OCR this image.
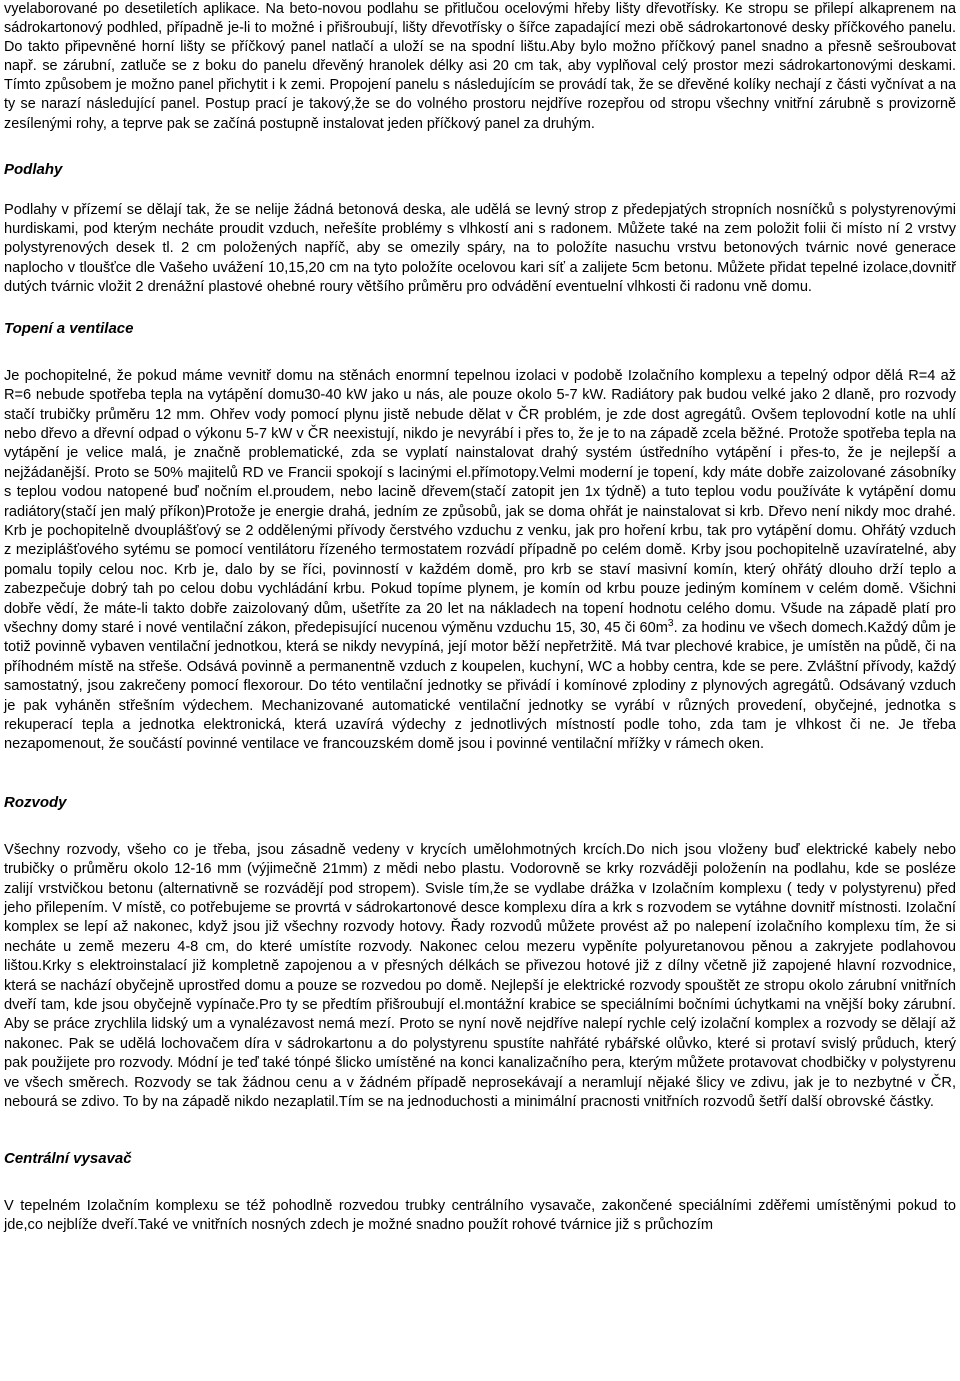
vyelaborované po desetiletích aplikace. Na beto-novou podlahu se přitlučou ocelovými hřeby lišty dřevotřísky. Ke stropu se přilepí alkaprenem na sádrokartonový podhled, případně je-li to možné i přišroubují, lišty dřevotřísky o šířce zapadající mezi obě sádrokartonové desky příčkového panelu. Do takto připevněné horní lišty se příčkový panel natlačí a uloží se na spodní lištu.Aby bylo možno příčkový panel snadno a přesně sešroubovat např. se zárubní, zatluče se z boku do panelu dřevěný hranolek délky asi 20 cm tak, aby vyplňoval celý prostor mezi sádrokartonovými deskami. Tímto způsobem je možno panel přichytit i k zemi. Propojení panelu s následujícím se provádí tak, že se dřevěné kolíky nechají z části vyčnívat a na ty se narazí následující panel. Postup prací je takový,že se do volného prostoru nejdříve rozepřou od stropu všechny vnitřní zárubně s provizorně zesílenými rohy, a teprve pak se začíná postupně instalovat jeden příčkový panel za druhým.

Podlahy

Podlahy v přízemí se dělají tak, že se nelije žádná betonová deska, ale udělá se levný strop z předepjatých stropních nosníčků s polystyrenovými hurdiskami, pod kterým necháte proudit vzduch, neřešíte problémy s vlhkostí ani s radonem. Můžete také na zem položit folii či místo ní 2 vrstvy polystyrenových desek tl. 2 cm položených napříč, aby se omezily spáry, na to položíte nasuchu vrstvu betonových tvárnic nové generace naplocho v tloušťce dle Vašeho uvážení 10,15,20 cm na tyto položíte ocelovou kari síť a zalijete 5cm betonu. Můžete přidat tepelné izolace,dovnitř dutých tvárnic vložit 2 drenážní plastové ohebné roury většího průměru pro odvádění eventuelní vlhkosti či radonu vně domu.

Topení a ventilace

Je pochopitelné, že pokud máme vevnitř domu na stěnách enormní tepelnou izolaci v podobě Izolačního komplexu a tepelný odpor dělá R=4 až R=6 nebude spotřeba tepla na vytápění domu30-40 kW jako u nás, ale pouze okolo 5-7 kW. Radiátory pak budou velké jako 2 dlaně, pro rozvody stačí trubičky průměru 12 mm. Ohřev vody pomocí plynu jistě nebude dělat v ČR problém, je zde dost agregátů. Ovšem teplovodní kotle na uhlí nebo dřevo a dřevní odpad o výkonu 5-7 kW v ČR neexistují, nikdo je nevyrábí i přes to, že je to na západě zcela běžné. Protože spotřeba tepla na vytápění je velice malá, je značně problematické, zda se vyplatí nainstalovat drahý systém ústředního vytápění i přes-to, že je nejlepší a nejžádanější. Proto se 50% majitelů RD ve Francii spokojí s lacinými el.přímotopy.Velmi moderní je topení, kdy máte dobře zaizolované zásobníky s teplou vodou natopené buď nočním el.proudem, nebo lacině dřevem(stačí zatopit jen 1x týdně) a tuto teplou vodu používáte k vytápění domu radiátory(stačí jen malý příkon)Protože je energie drahá, jedním ze způsobů, jak se doma ohřát je nainstalovat si krb. Dřevo není nikdy moc drahé. Krb je pochopitelně dvouplášťový se 2 oddělenými přívody čerstvého vzduchu z venku, jak pro hoření krbu, tak pro vytápění domu. Ohřátý vzduch z meziplášťového sytému se pomocí ventilátoru řízeného termostatem rozvádí případně po celém domě. Krby jsou pochopitelně uzavíratelné, aby pomalu topily celou noc. Krb je, dalo by se říci, povinností v každém domě, pro krb se staví masivní komín, který ohřátý dlouho drží teplo a zabezpečuje dobrý tah po celou dobu vychládání krbu. Pokud topíme plynem, je komín od krbu pouze jediným komínem v celém domě. Všichni dobře vědí, že máte-li takto dobře zaizolovaný dům, ušetříte za 20 let na nákladech na topení hodnotu celého domu. Všude na západě platí pro všechny domy staré i nové ventilační zákon, předepisující nucenou výměnu vzduchu 15, 30, 45 či $60m^3$. za hodinu ve všech domech.Každý dům je totiž povinně vybaven ventilační jednotkou, která se nikdy nevypíná, její motor běží nepřetržitě. Má tvar plechové krabice, je umístěn na půdě, či na příhodném místě na střeše. Odsává povinně a permanentně vzduch z koupelen, kuchyní, WC a hobby centra, kde se pere. Zvláštní přívody, každý samostatný, jsou zakrečeny pomocí flexorour. Do této ventilační jednotky se přivádí i komínové zplodiny z plynových agregátů. Odsávaný vzduch je pak vyháněn střešním výdechem. Mechanizované automatické ventilační jednotky se vyrábí v různých provedení, obyčejné, jednotka s rekuperací tepla a jednotka elektronická, která uzavírá výdechy z jednotlivých místností podle toho, zda tam je vlhkost či ne. Je třeba nezapomenout, že součástí povinné ventilace ve francouzském domě jsou i povinné ventilační mřížky v rámech oken.

Rozvody

Všechny rozvody, všeho co je třeba, jsou zásadně vedeny v krycích umělohmotných krcích.Do nich jsou vloženy buď elektrické kabely nebo trubičky o průměru okolo 12-16 mm (výjimečně 21mm) z mědi nebo plastu. Vodorovně se krky rozváději položenín na podlahu, kde se posléze zalijí vrstvičkou betonu (alternativně se rozvádějí pod stropem). Svisle tím,že se vydlabe drážka v Izolačním komplexu ( tedy v polystyrenu) před jeho přilepením. V místě, co potřebujeme se provrtá v sádrokartonové desce komplexu díra a krk s rozvodem se vytáhne dovnitř místnosti. Izolační komplex se lepí až nakonec, když jsou již všechny rozvody hotovy. Řady rozvodů můžete provést až po nalepení izolačního komplexu tím, že si necháte u země mezeru 4-8 cm, do které umístíte rozvody. Nakonec celou mezeru vypěníte polyuretanovou pěnou a zakryjete podlahovou lištou.Krky s elektroinstalací již kompletně zapojenou a v přesných délkách se přivezou hotové již z dílny včetně již zapojené hlavní rozvodnice, která se nachází obyčejně uprostřed domu a pouze se rozvedou po domě. Nejlepší je elektrické rozvody spouštět ze stropu okolo zárubní vnitřních dveří tam, kde jsou obyčejně vypínače.Pro ty se předtím přišroubují el.montážní krabice se speciálními bočními úchytkami na vnější boky zárubní. Aby se práce zrychlila lidský um a vynalézavost nemá mezí. Proto se nyní nově nejdříve nalepí rychle celý izolační komplex a rozvody se dělají až nakonec. Pak se udělá lochovačem díra v sádrokartonu a do polystyrenu spustíte nahřáté rybářské olůvko, které si protaví svislý průduch, který pak použijete pro rozvody. Módní je teď také tónpé šlicko umístěné na konci kanalizačního pera, kterým můžete protavovat chodbičky v polystyrenu ve všech směrech. Rozvody se tak žádnou cenu a v žádném případě neprosekávají a neramlují nějaké šlicy ve zdivu, jak je to nezbytné v ČR, nebourá se zdivo. To by na západě nikdo nezaplatil.Tím se na jednoduchosti a minimální pracnosti vnitřních rozvodů šetří další obrovské částky.

Centrální vysavač

V tepelném Izolačním komplexu se též pohodlně rozvedou trubky centrálního vysavače, zakončené speciálními zděřemi umístěnými pokud to jde,co nejblíže dveří.Také ve vnitřních nosných zdech je možné snadno použít rohové tvárnice již s průchozím
